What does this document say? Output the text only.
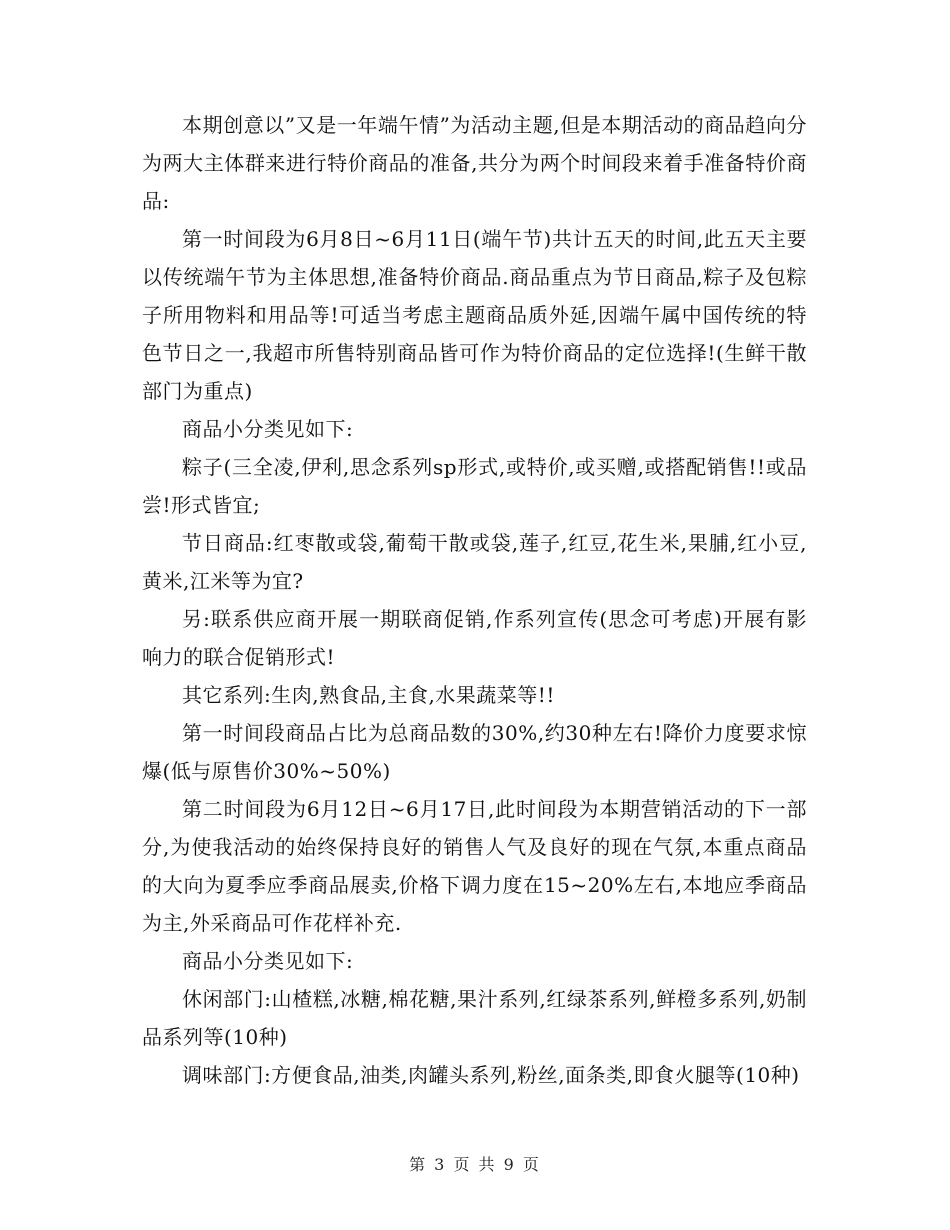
本期创意以”又是一年端午情”为活动主题,但是本期活动的商品趋向分为两大主体群来进行特价商品的准备,共分为两个时间段来着手准备特价商品:

第一时间段为6月8日~6月11日(端午节)共计五天的时间,此五天主要以传统端午节为主体思想,准备特价商品.商品重点为节日商品,粽子及包粽子所用物料和用品等!可适当考虑主题商品质外延,因端午属中国传统的特色节日之一,我超市所售特别商品皆可作为特价商品的定位选择!(生鲜干散部门为重点)

商品小分类见如下:

粽子(三全凌,伊利,思念系列sp形式,或特价,或买赠,或搭配销售!!或品尝!形式皆宜;

节日商品:红枣散或袋,葡萄干散或袋,莲子,红豆,花生米,果脯,红小豆,黄米,江米等为宜?

另:联系供应商开展一期联商促销,作系列宣传(思念可考虑)开展有影响力的联合促销形式!

其它系列:生肉,熟食品,主食,水果蔬菜等!!

第一时间段商品占比为总商品数的30%,约30种左右!降价力度要求惊爆(低与原售价30%~50%)

第二时间段为6月12日~6月17日,此时间段为本期营销活动的下一部分,为使我活动的始终保持良好的销售人气及良好的现在气氛,本重点商品的大向为夏季应季商品展卖,价格下调力度在15~20%左右,本地应季商品为主,外采商品可作花样补充.

商品小分类见如下:

休闲部门:山楂糕,冰糖,棉花糖,果汁系列,红绿茶系列,鲜橙多系列,奶制品系列等(10种)

调味部门:方便食品,油类,肉罐头系列,粉丝,面条类,即食火腿等(10种)

第 3 页 共 9 页
